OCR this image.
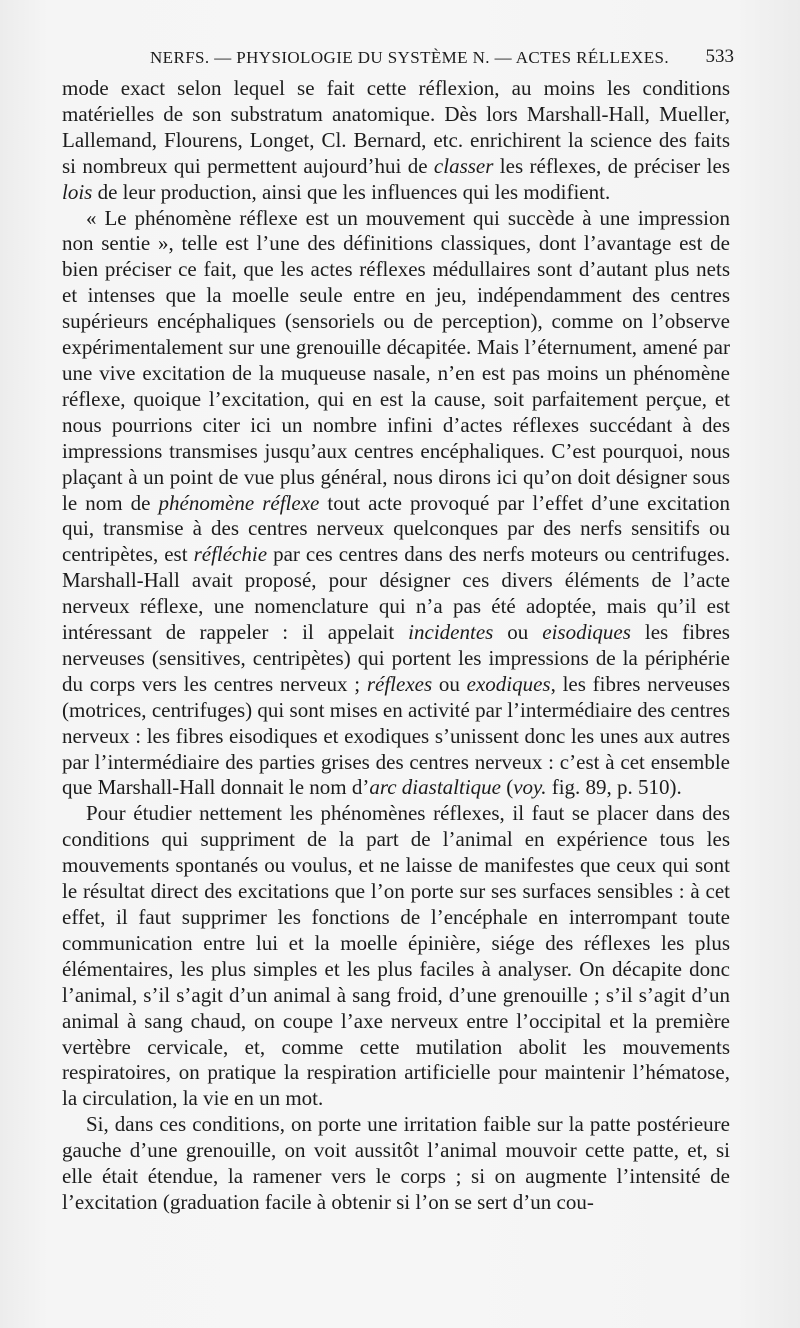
NERFS. — PHYSIOLOGIE DU SYSTÈME N. — ACTES RÉLLEXES. 533

mode exact selon lequel se fait cette réflexion, au moins les conditions matérielles de son substratum anatomique. Dès lors Marshall-Hall, Mueller, Lallemand, Flourens, Longet, Cl. Bernard, etc. enrichirent la science des faits si nombreux qui permettent aujourd’hui de classer les réflexes, de préciser les lois de leur production, ainsi que les influences qui les modifient.

« Le phénomène réflexe est un mouvement qui succède à une impression non sentie », telle est l’une des définitions classiques, dont l’avantage est de bien préciser ce fait, que les actes réflexes médullaires sont d’autant plus nets et intenses que la moelle seule entre en jeu, indépendamment des centres supérieurs encéphaliques (sensoriels ou de perception), comme on l’observe expérimentalement sur une grenouille décapitée. Mais l’éternument, amené par une vive excitation de la muqueuse nasale, n’en est pas moins un phénomène réflexe, quoique l’excitation, qui en est la cause, soit parfaitement perçue, et nous pourrions citer ici un nombre infini d’actes réflexes succédant à des impressions transmises jusqu’aux centres encéphaliques. C’est pourquoi, nous plaçant à un point de vue plus général, nous dirons ici qu’on doit désigner sous le nom de phénomène réflexe tout acte provoqué par l’effet d’une excitation qui, transmise à des centres nerveux quelconques par des nerfs sensitifs ou centripètes, est réfléchie par ces centres dans des nerfs moteurs ou centrifuges. Marshall-Hall avait proposé, pour désigner ces divers éléments de l’acte nerveux réflexe, une nomenclature qui n’a pas été adoptée, mais qu’il est intéressant de rappeler : il appelait incidentes ou eisodiques les fibres nerveuses (sensitives, centripètes) qui portent les impressions de la périphérie du corps vers les centres nerveux ; réflexes ou exodiques, les fibres nerveuses (motrices, centrifuges) qui sont mises en activité par l’intermédiaire des centres nerveux : les fibres eisodiques et exodiques s’unissent donc les unes aux autres par l’intermédiaire des parties grises des centres nerveux : c’est à cet ensemble que Marshall-Hall donnait le nom d’arc diastaltique (voy. fig. 89, p. 510).

Pour étudier nettement les phénomènes réflexes, il faut se placer dans des conditions qui suppriment de la part de l’animal en expérience tous les mouvements spontanés ou voulus, et ne laisse de manifestes que ceux qui sont le résultat direct des excitations que l’on porte sur ses surfaces sensibles : à cet effet, il faut supprimer les fonctions de l’encéphale en interrompant toute communication entre lui et la moelle épinière, siége des réflexes les plus élémentaires, les plus simples et les plus faciles à analyser. On décapite donc l’animal, s’il s’agit d’un animal à sang froid, d’une grenouille ; s’il s’agit d’un animal à sang chaud, on coupe l’axe nerveux entre l’occipital et la première vertèbre cervicale, et, comme cette mutilation abolit les mouvements respiratoires, on pratique la respiration artificielle pour maintenir l’hématose, la circulation, la vie en un mot.

Si, dans ces conditions, on porte une irritation faible sur la patte postérieure gauche d’une grenouille, on voit aussitôt l’animal mouvoir cette patte, et, si elle était étendue, la ramener vers le corps ; si on augmente l’intensité de l’excitation (graduation facile à obtenir si l’on se sert d’un cou-
